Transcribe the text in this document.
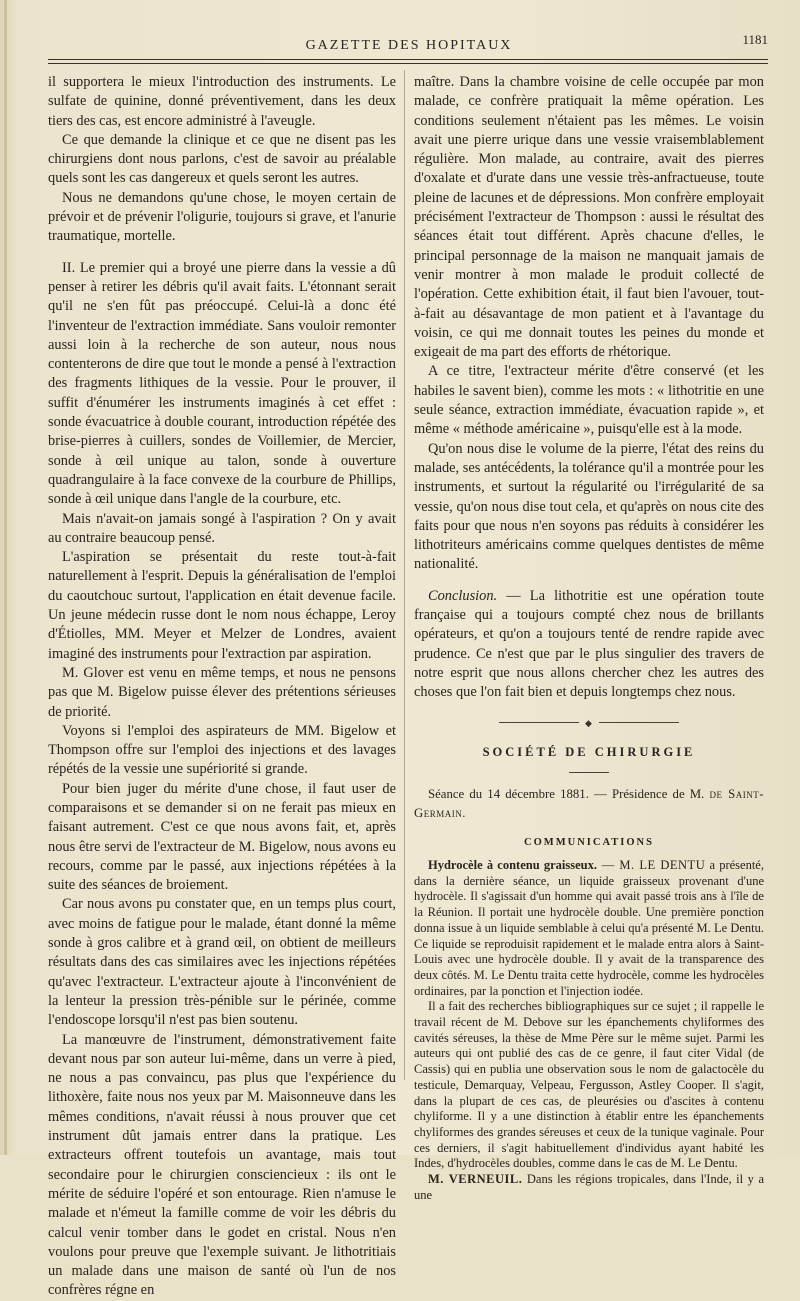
GAZETTE DES HOPITAUX	1181

il supportera le mieux l'introduction des instruments. Le sulfate de quinine, donné préventivement, dans les deux tiers des cas, est encore administré à l'aveugle.

Ce que demande la clinique et ce que ne disent pas les chirurgiens dont nous parlons, c'est de savoir au préalable quels sont les cas dangereux et quels seront les autres.

Nous ne demandons qu'une chose, le moyen certain de prévoir et de prévenir l'oligurie, toujours si grave, et l'anurie traumatique, mortelle.

II. Le premier qui a broyé une pierre dans la vessie a dû penser à retirer les débris qu'il avait faits. L'étonnant serait qu'il ne s'en fût pas préoccupé. Celui-là a donc été l'inventeur de l'extraction immédiate. Sans vouloir remonter aussi loin à la recherche de son auteur, nous nous contenterons de dire que tout le monde a pensé à l'extraction des fragments lithiques de la vessie. Pour le prouver, il suffit d'énumérer les instruments imaginés à cet effet : sonde évacuatrice à double courant, introduction répétée des brise-pierres à cuillers, sondes de Voillemier, de Mercier, sonde à œil unique au talon, sonde à ouverture quadrangulaire à la face convexe de la courbure de Phillips, sonde à œil unique dans l'angle de la courbure, etc.

Mais n'avait-on jamais songé à l'aspiration ? On y avait au contraire beaucoup pensé.

L'aspiration se présentait du reste tout-à-fait naturellement à l'esprit. Depuis la généralisation de l'emploi du caoutchouc surtout, l'application en était devenue facile. Un jeune médecin russe dont le nom nous échappe, Leroy d'Étiolles, MM. Meyer et Melzer de Londres, avaient imaginé des instruments pour l'extraction par aspiration.

M. Glover est venu en même temps, et nous ne pensons pas que M. Bigelow puisse élever des prétentions sérieuses de priorité.

Voyons si l'emploi des aspirateurs de MM. Bigelow et Thompson offre sur l'emploi des injections et des lavages répétés de la vessie une supériorité si grande.

Pour bien juger du mérite d'une chose, il faut user de comparaisons et se demander si on ne ferait pas mieux en faisant autrement. C'est ce que nous avons fait, et, après nous être servi de l'extracteur de M. Bigelow, nous avons eu recours, comme par le passé, aux injections répétées à la suite des séances de broiement.

Car nous avons pu constater que, en un temps plus court, avec moins de fatigue pour le malade, étant donné la même sonde à gros calibre et à grand œil, on obtient de meilleurs résultats dans des cas similaires avec les injections répétées qu'avec l'extracteur. L'extracteur ajoute à l'inconvénient de la lenteur la pression très-pénible sur le périnée, comme l'endoscope lorsqu'il n'est pas bien soutenu.

La manœuvre de l'instrument, démonstrativement faite devant nous par son auteur lui-même, dans un verre à pied, ne nous a pas convaincu, pas plus que l'expérience du lithoxère, faite nous nos yeux par M. Maisonneuve dans les mêmes conditions, n'avait réussi à nous prouver que cet instrument dût jamais entrer dans la pratique. Les extracteurs offrent toutefois un avantage, mais tout secondaire pour le chirurgien consciencieux : ils ont le mérite de séduire l'opéré et son entourage. Rien n'amuse le malade et n'émeut la famille comme de voir les débris du calcul venir tomber dans le godet en cristal. Nous n'en voulons pour preuve que l'exemple suivant. Je lithotritiais un malade dans une maison de santé où l'un de nos confrères régne en

maître. Dans la chambre voisine de celle occupée par mon malade, ce confrère pratiquait la même opération. Les conditions seulement n'étaient pas les mêmes. Le voisin avait une pierre urique dans une vessie vraisemblablement régulière. Mon malade, au contraire, avait des pierres d'oxalate et d'urate dans une vessie très-anfractueuse, toute pleine de lacunes et de dépressions. Mon confrère employait précisément l'extracteur de Thompson : aussi le résultat des séances était tout différent. Après chacune d'elles, le principal personnage de la maison ne manquait jamais de venir montrer à mon malade le produit collecté de l'opération. Cette exhibition était, il faut bien l'avouer, tout-à-fait au désavantage de mon patient et à l'avantage du voisin, ce qui me donnait toutes les peines du monde et exigeait de ma part des efforts de rhétorique.

A ce titre, l'extracteur mérite d'être conservé (et les habiles le savent bien), comme les mots : « lithotritie en une seule séance, extraction immédiate, évacuation rapide », et même « méthode américaine », puisqu'elle est à la mode.

Qu'on nous dise le volume de la pierre, l'état des reins du malade, ses antécédents, la tolérance qu'il a montrée pour les instruments, et surtout la régularité ou l'irrégularité de sa vessie, qu'on nous dise tout cela, et qu'après on nous cite des faits pour que nous n'en soyons pas réduits à considérer les lithotriteurs américains comme quelques dentistes de même nationalité.

Conclusion. — La lithotritie est une opération toute française qui a toujours compté chez nous de brillants opérateurs, et qu'on a toujours tenté de rendre rapide avec prudence. Ce n'est que par le plus singulier des travers de notre esprit que nous allons chercher chez les autres des choses que l'on fait bien et depuis longtemps chez nous.

◆
SOCIÉTÉ DE CHIRURGIE

Séance du 14 décembre 1881. — Présidence de M. de Saint-Germain.

COMMUNICATIONS

Hydrocèle à contenu graisseux. — M. LE DENTU a présenté, dans la dernière séance, un liquide graisseux provenant d'une hydrocèle. Il s'agissait d'un homme qui avait passé trois ans à l'île de la Réunion. Il portait une hydrocèle double. Une première ponction donna issue à un liquide semblable à celui qu'a présenté M. Le Dentu. Ce liquide se reproduisit rapidement et le malade entra alors à Saint-Louis avec une hydrocèle double. Il y avait de la transparence des deux côtés. M. Le Dentu traita cette hydrocèle, comme les hydrocèles ordinaires, par la ponction et l'injection iodée.

Il a fait des recherches bibliographiques sur ce sujet ; il rappelle le travail récent de M. Debove sur les épanchements chyliformes des cavités séreuses, la thèse de Mme Père sur le même sujet. Parmi les auteurs qui ont publié des cas de ce genre, il faut citer Vidal (de Cassis) qui en publia une observation sous le nom de galactocèle du testicule, Demarquay, Velpeau, Fergusson, Astley Cooper. Il s'agit, dans la plupart de ces cas, de pleurésies ou d'ascites à contenu chyliforme. Il y a une distinction à établir entre les épanchements chyliformes des grandes séreuses et ceux de la tunique vaginale. Pour ces derniers, il s'agit habituellement d'individus ayant habité les Indes, d'hydrocèles doubles, comme dans le cas de M. Le Dentu.

M. VERNEUIL. Dans les régions tropicales, dans l'Inde, il y a une
